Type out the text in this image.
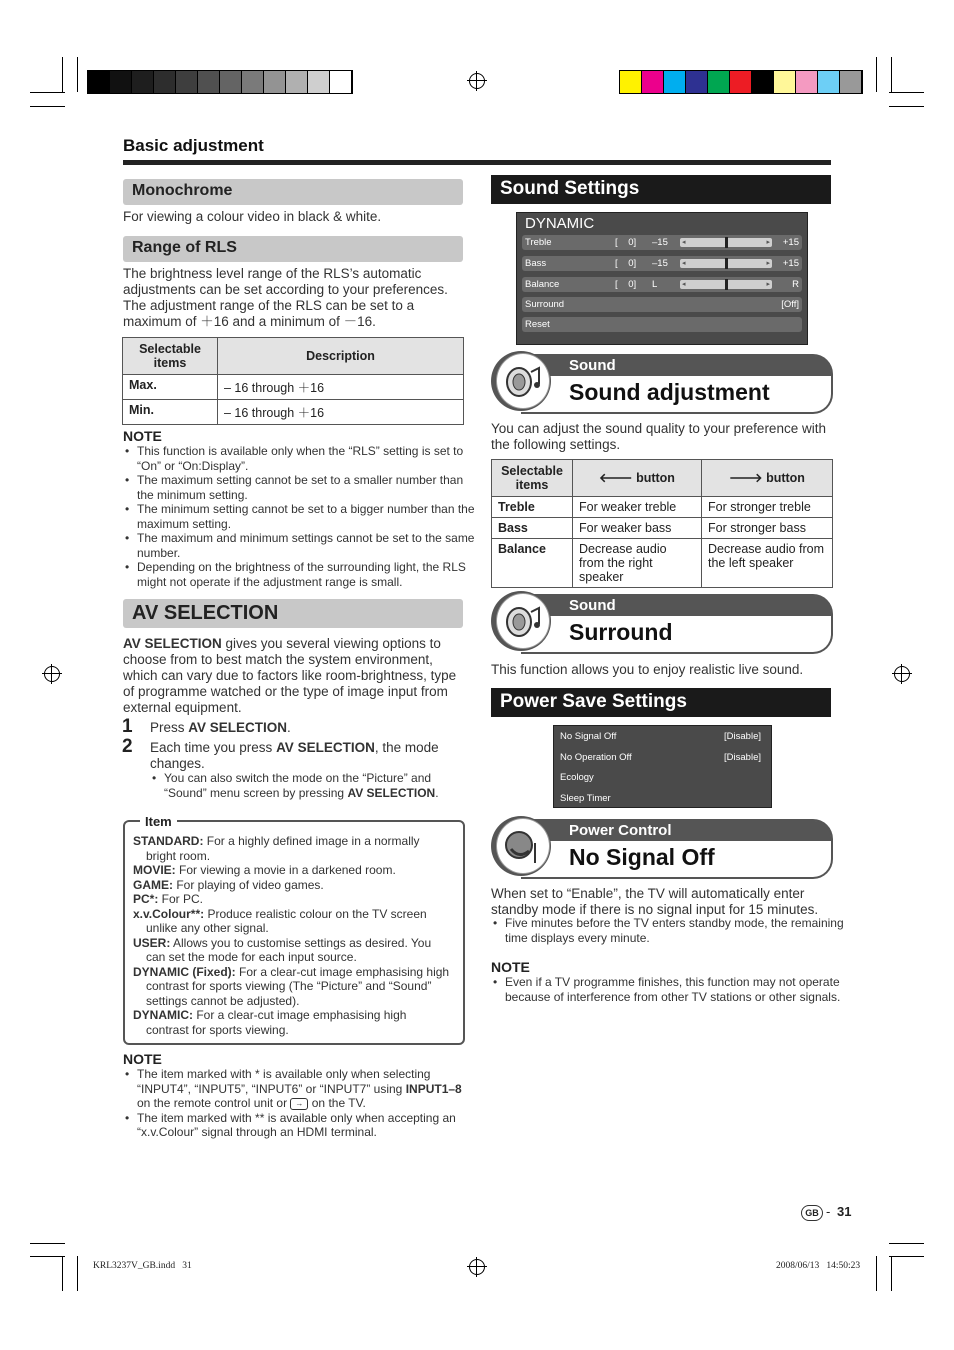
Basic adjustment
Monochrome
For viewing a colour video in black & white.
Range of RLS
The brightness level range of the RLS’s automatic adjustments can be set according to your preferences. The adjustment range of the RLS can be set to a maximum of ＋16 and a minimum of －16.
Selectable items	Description
Max.	– 16 through ＋16
Min.	– 16 through ＋16
NOTE
• This function is available only when the “RLS” setting is set to “On” or “On:Display”.
• The maximum setting cannot be set to a smaller number than the minimum setting.
• The minimum setting cannot be set to a bigger number than the maximum setting.
• The maximum and minimum settings cannot be set to the same number.
• Depending on the brightness of the surrounding light, the RLS might not operate if the adjustment range is small.
AV SELECTION
AV SELECTION gives you several viewing options to choose from to best match the system environment, which can vary due to factors like room-brightness, type of programme watched or the type of image input from external equipment.
1 Press AV SELECTION.
2 Each time you press AV SELECTION, the mode changes.
• You can also switch the mode on the “Picture” and “Sound” menu screen by pressing AV SELECTION.
Item
STANDARD: For a highly defined image in a normally bright room.
MOVIE: For viewing a movie in a darkened room.
GAME: For playing of video games.
PC*: For PC.
x.v.Colour**: Produce realistic colour on the TV screen unlike any other signal.
USER: Allows you to customise settings as desired. You can set the mode for each input source.
DYNAMIC (Fixed): For a clear-cut image emphasising high contrast for sports viewing (The “Picture” and “Sound” settings cannot be adjusted).
DYNAMIC: For a clear-cut image emphasising high contrast for sports viewing.
NOTE
• The item marked with * is available only when selecting “INPUT4”, “INPUT5”, “INPUT6” or “INPUT7” using INPUT1–8 on the remote control unit or → on the TV.
• The item marked with ** is available only when accepting an “x.v.Colour” signal through an HDMI terminal.
Sound Settings
DYNAMIC
Treble	[    0] –15 ◂	▸ +15
Bass	[    0] –15 ◂	▸ +15
Balance	[    0] L	◂	▸ R
Surround	[Off]
Reset
Sound
Sound adjustment
You can adjust the sound quality to your preference with the following settings.
Selectable items	🡐 button	🡒 button
Treble	For weaker treble	For stronger treble
Bass	For weaker bass	For stronger bass
Balance	Decrease audio from the right speaker	Decrease audio from the left speaker
Sound
Surround
This function allows you to enjoy realistic live sound.
Power Save Settings
No Signal Off	[Disable]
No Operation Off	[Disable]
Ecology
Sleep Timer
Power Control
No Signal Off
When set to “Enable”, the TV will automatically enter standby mode if there is no signal input for 15 minutes.
• Five minutes before the TV enters standby mode, the remaining time displays every minute.
NOTE
• Even if a TV programme finishes, this function may not operate because of interference from other TV stations or other signals.
GB - 31
KRL3237V_GB.indd   31	2008/06/13   14:50:23
